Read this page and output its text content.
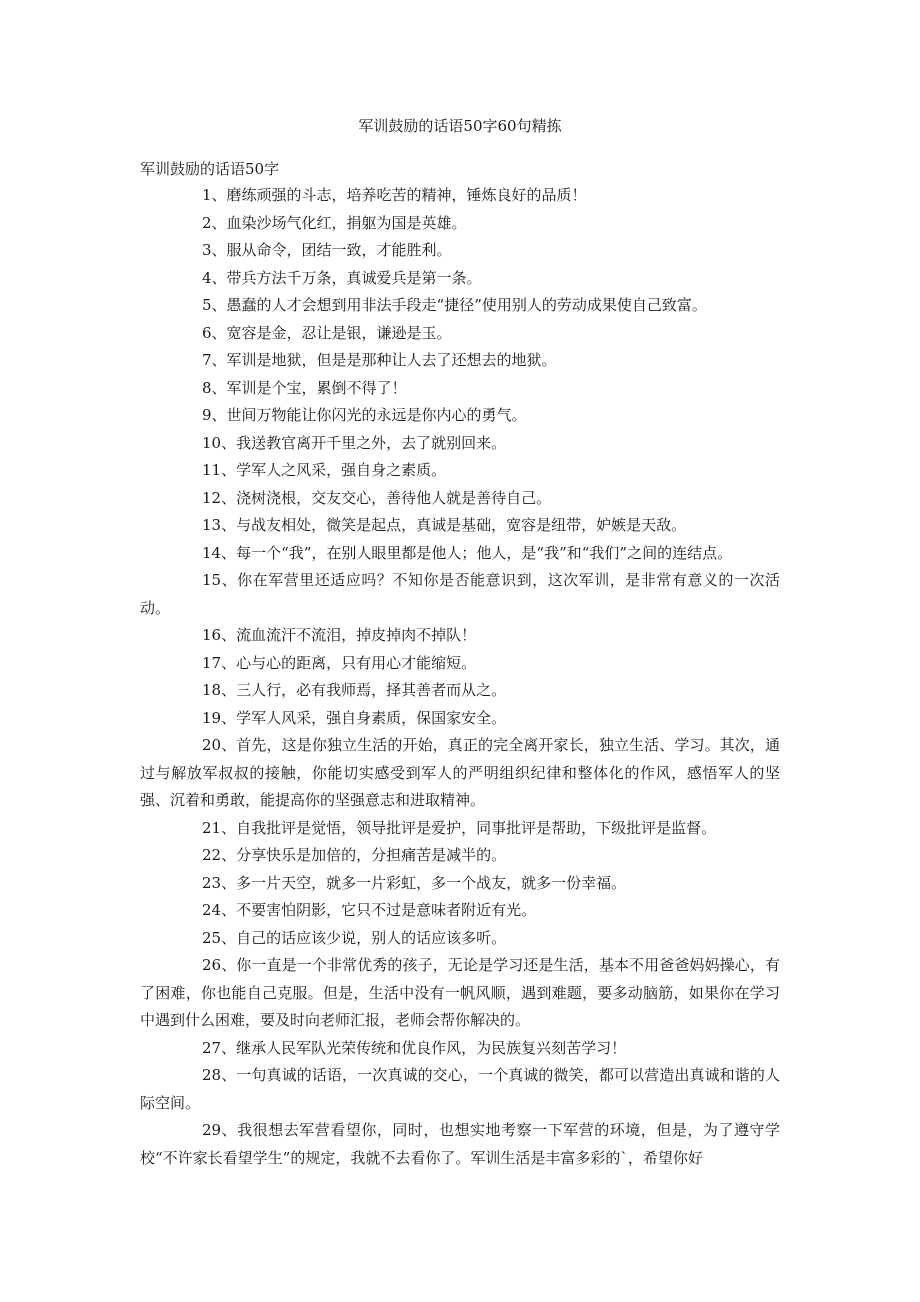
军训鼓励的话语50字60句精拣
军训鼓励的话语50字

1、磨练顽强的斗志，培养吃苦的精神，锤炼良好的品质！

2、血染沙场气化红，捐躯为国是英雄。

3、服从命令，团结一致，才能胜利。

4、带兵方法千万条，真诚爱兵是第一条。

5、愚蠢的人才会想到用非法手段走“捷径”使用别人的劳动成果使自己致富。

6、宽容是金，忍让是银，谦逊是玉。

7、军训是地狱，但是是那种让人去了还想去的地狱。

8、军训是个宝，累倒不得了！

9、世间万物能让你闪光的永远是你内心的勇气。

10、我送教官离开千里之外，去了就别回来。

11、学军人之风采，强自身之素质。

12、浇树浇根，交友交心，善待他人就是善待自己。

13、与战友相处，微笑是起点，真诚是基础，宽容是纽带，妒嫉是天敌。

14、每一个“我”，在别人眼里都是他人；他人，是“我”和“我们”之间的连结点。

15、你在军营里还适应吗？不知你是否能意识到，这次军训，是非常有意义的一次活动。

16、流血流汗不流泪，掉皮掉肉不掉队！

17、心与心的距离，只有用心才能缩短。

18、三人行，必有我师焉，择其善者而从之。

19、学军人风采，强自身素质，保国家安全。

20、首先，这是你独立生活的开始，真正的完全离开家长，独立生活、学习。其次，通过与解放军叔叔的接触，你能切实感受到军人的严明组织纪律和整体化的作风，感悟军人的坚强、沉着和勇敢，能提高你的坚强意志和进取精神。

21、自我批评是觉悟，领导批评是爱护，同事批评是帮助，下级批评是监督。

22、分享快乐是加倍的，分担痛苦是减半的。

23、多一片天空，就多一片彩虹，多一个战友，就多一份幸福。

24、不要害怕阴影，它只不过是意味者附近有光。

25、自己的话应该少说，别人的话应该多听。

26、你一直是一个非常优秀的孩子，无论是学习还是生活，基本不用爸爸妈妈操心，有了困难，你也能自己克服。但是，生活中没有一帆风顺，遇到难题，要多动脑筋，如果你在学习中遇到什么困难，要及时向老师汇报，老师会帮你解决的。

27、继承人民军队光荣传统和优良作风，为民族复兴刻苦学习！

28、一句真诚的话语，一次真诚的交心，一个真诚的微笑，都可以营造出真诚和谐的人际空间。

29、我很想去军营看望你，同时，也想实地考察一下军营的环境，但是，为了遵守学校“不许家长看望学生”的规定，我就不去看你了。军训生活是丰富多彩的`，希望你好
